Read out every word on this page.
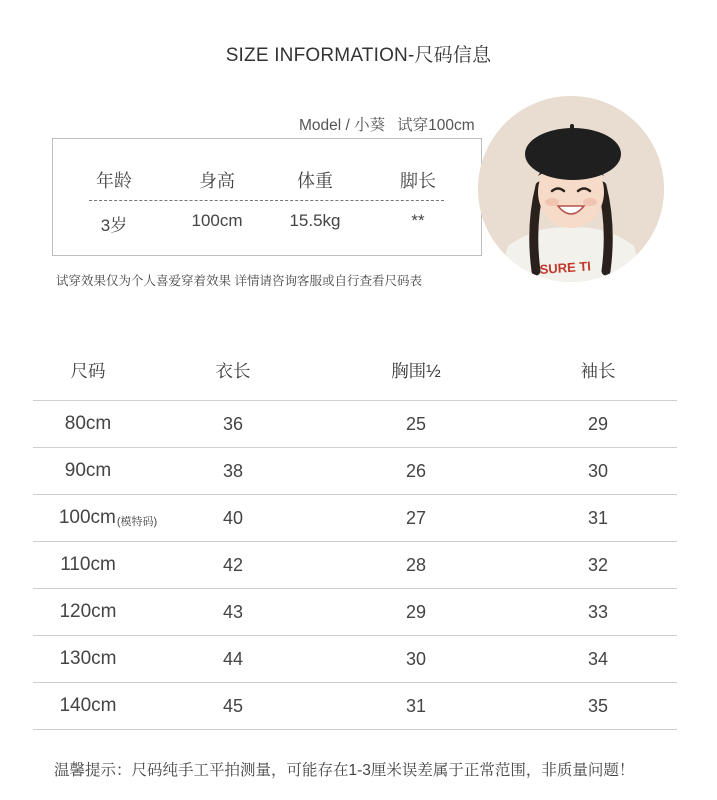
SIZE INFORMATION-尺码信息
Model / 小葵 试穿100cm
年龄	身高	体重	脚长
3岁	100cm	15.5kg	**
SURE TI
试穿效果仅为个人喜爱穿着效果 详情请咨询客服或自行查看尺码表
尺码	衣长	胸围½	袖长
80cm	36	25	29
90cm	38	26	30
100cm (模特码)	40	27	31
110cm	42	28	32
120cm	43	29	33
130cm	44	30	34
140cm	45	31	35
温馨提示：尺码纯手工平拍测量，可能存在1-3厘米误差属于正常范围，非质量问题！
